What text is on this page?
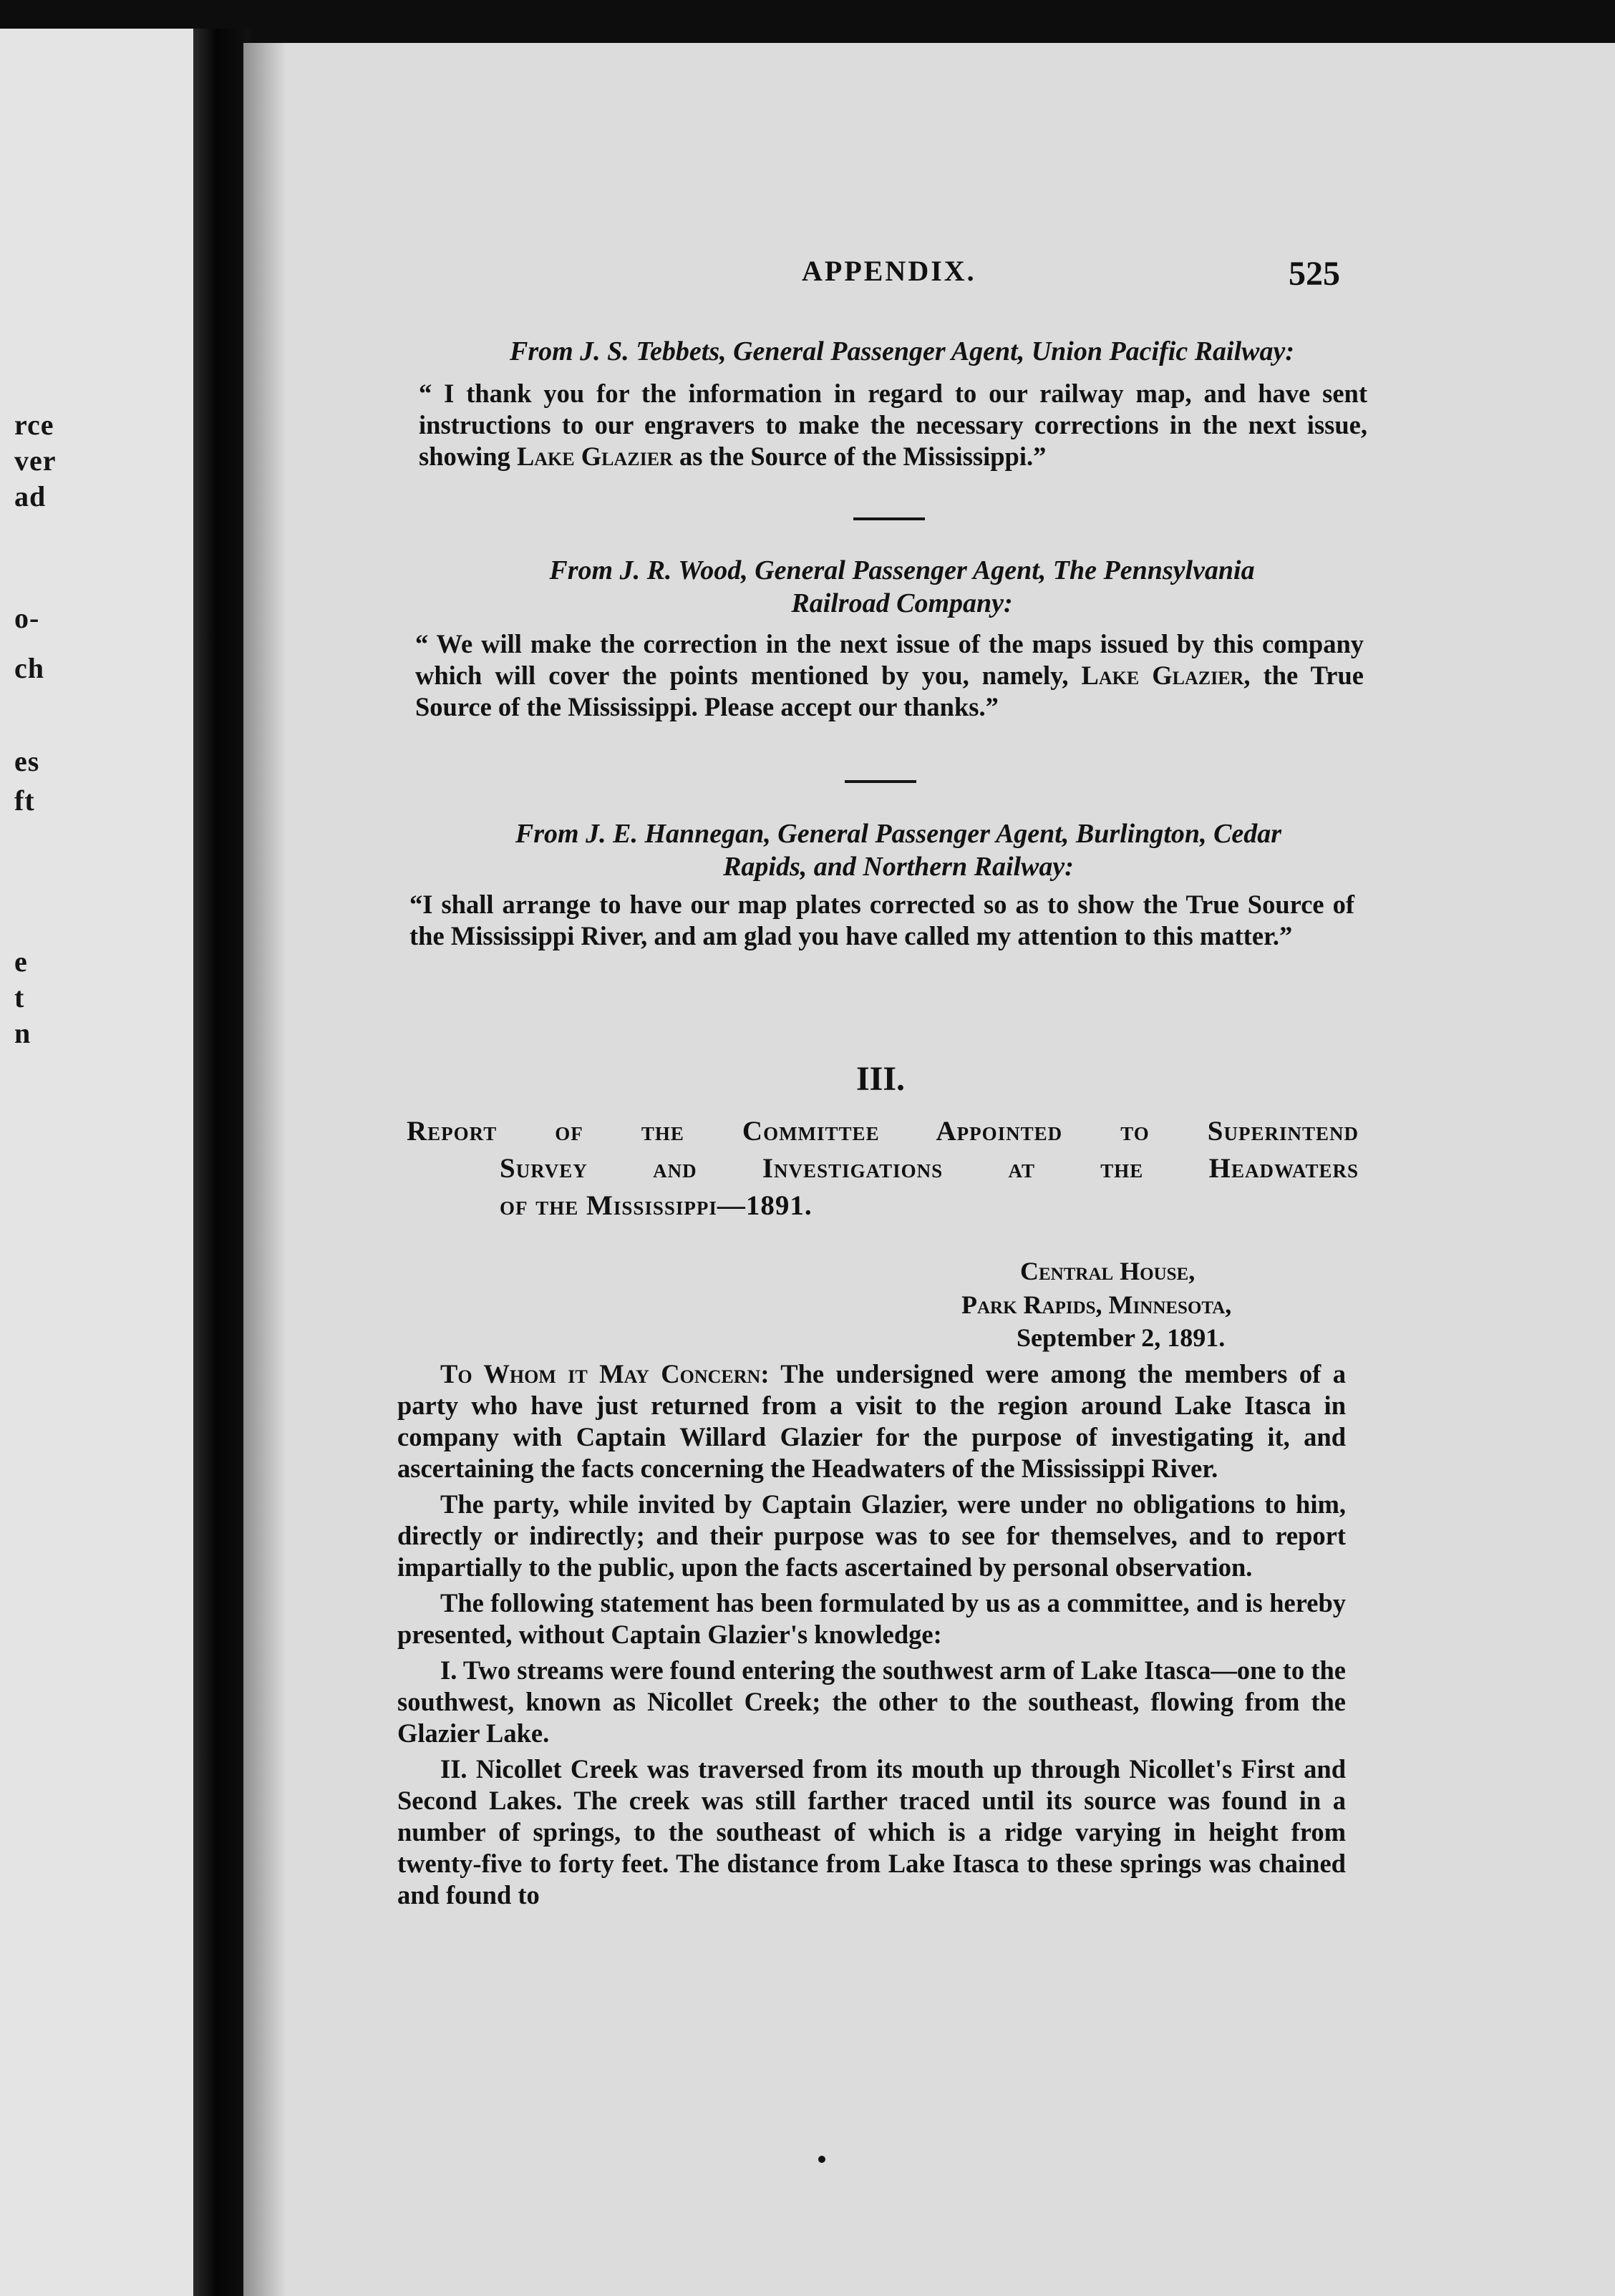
rce
ver
ad
o-
ch
es
ft
e
t
n
APPENDIX.	525
From J. S. Tebbets, General Passenger Agent, Union Pacific Railway:
“ I thank you for the information in regard to our railway map, and have sent instructions to our engravers to make the necessary corrections in the next issue, showing Lake Glazier as the Source of the Mississippi.”
From J. R. Wood, General Passenger Agent, The Pennsylvania
Railroad Company:
“ We will make the correction in the next issue of the maps issued by this company which will cover the points mentioned by you, namely, Lake Glazier, the True Source of the Mississippi. Please accept our thanks.”
From J. E. Hannegan, General Passenger Agent, Burlington, Cedar
Rapids, and Northern Railway:
“I shall arrange to have our map plates corrected so as to show the True Source of the Mississippi River, and am glad you have called my attention to this matter.”
III.
Report of the Committee Appointed to Superintend
Survey and Investigations at the Headwaters
of the Mississippi—1891.
Central House,
Park Rapids, Minnesota,
September 2, 1891.

To Whom it May Concern: The undersigned were among the members of a party who have just returned from a visit to the region around Lake Itasca in company with Captain Willard Glazier for the purpose of investigating it, and ascertaining the facts concerning the Headwaters of the Mississippi River.

The party, while invited by Captain Glazier, were under no obligations to him, directly or indirectly; and their purpose was to see for themselves, and to report impartially to the public, upon the facts ascertained by personal observation.

The following statement has been formulated by us as a committee, and is hereby presented, without Captain Glazier's knowledge:

I. Two streams were found entering the southwest arm of Lake Itasca—one to the southwest, known as Nicollet Creek; the other to the southeast, flowing from the Glazier Lake.

II. Nicollet Creek was traversed from its mouth up through Nicollet's First and Second Lakes. The creek was still farther traced until its source was found in a number of springs, to the southeast of which is a ridge varying in height from twenty-five to forty feet. The distance from Lake Itasca to these springs was chained and found to
